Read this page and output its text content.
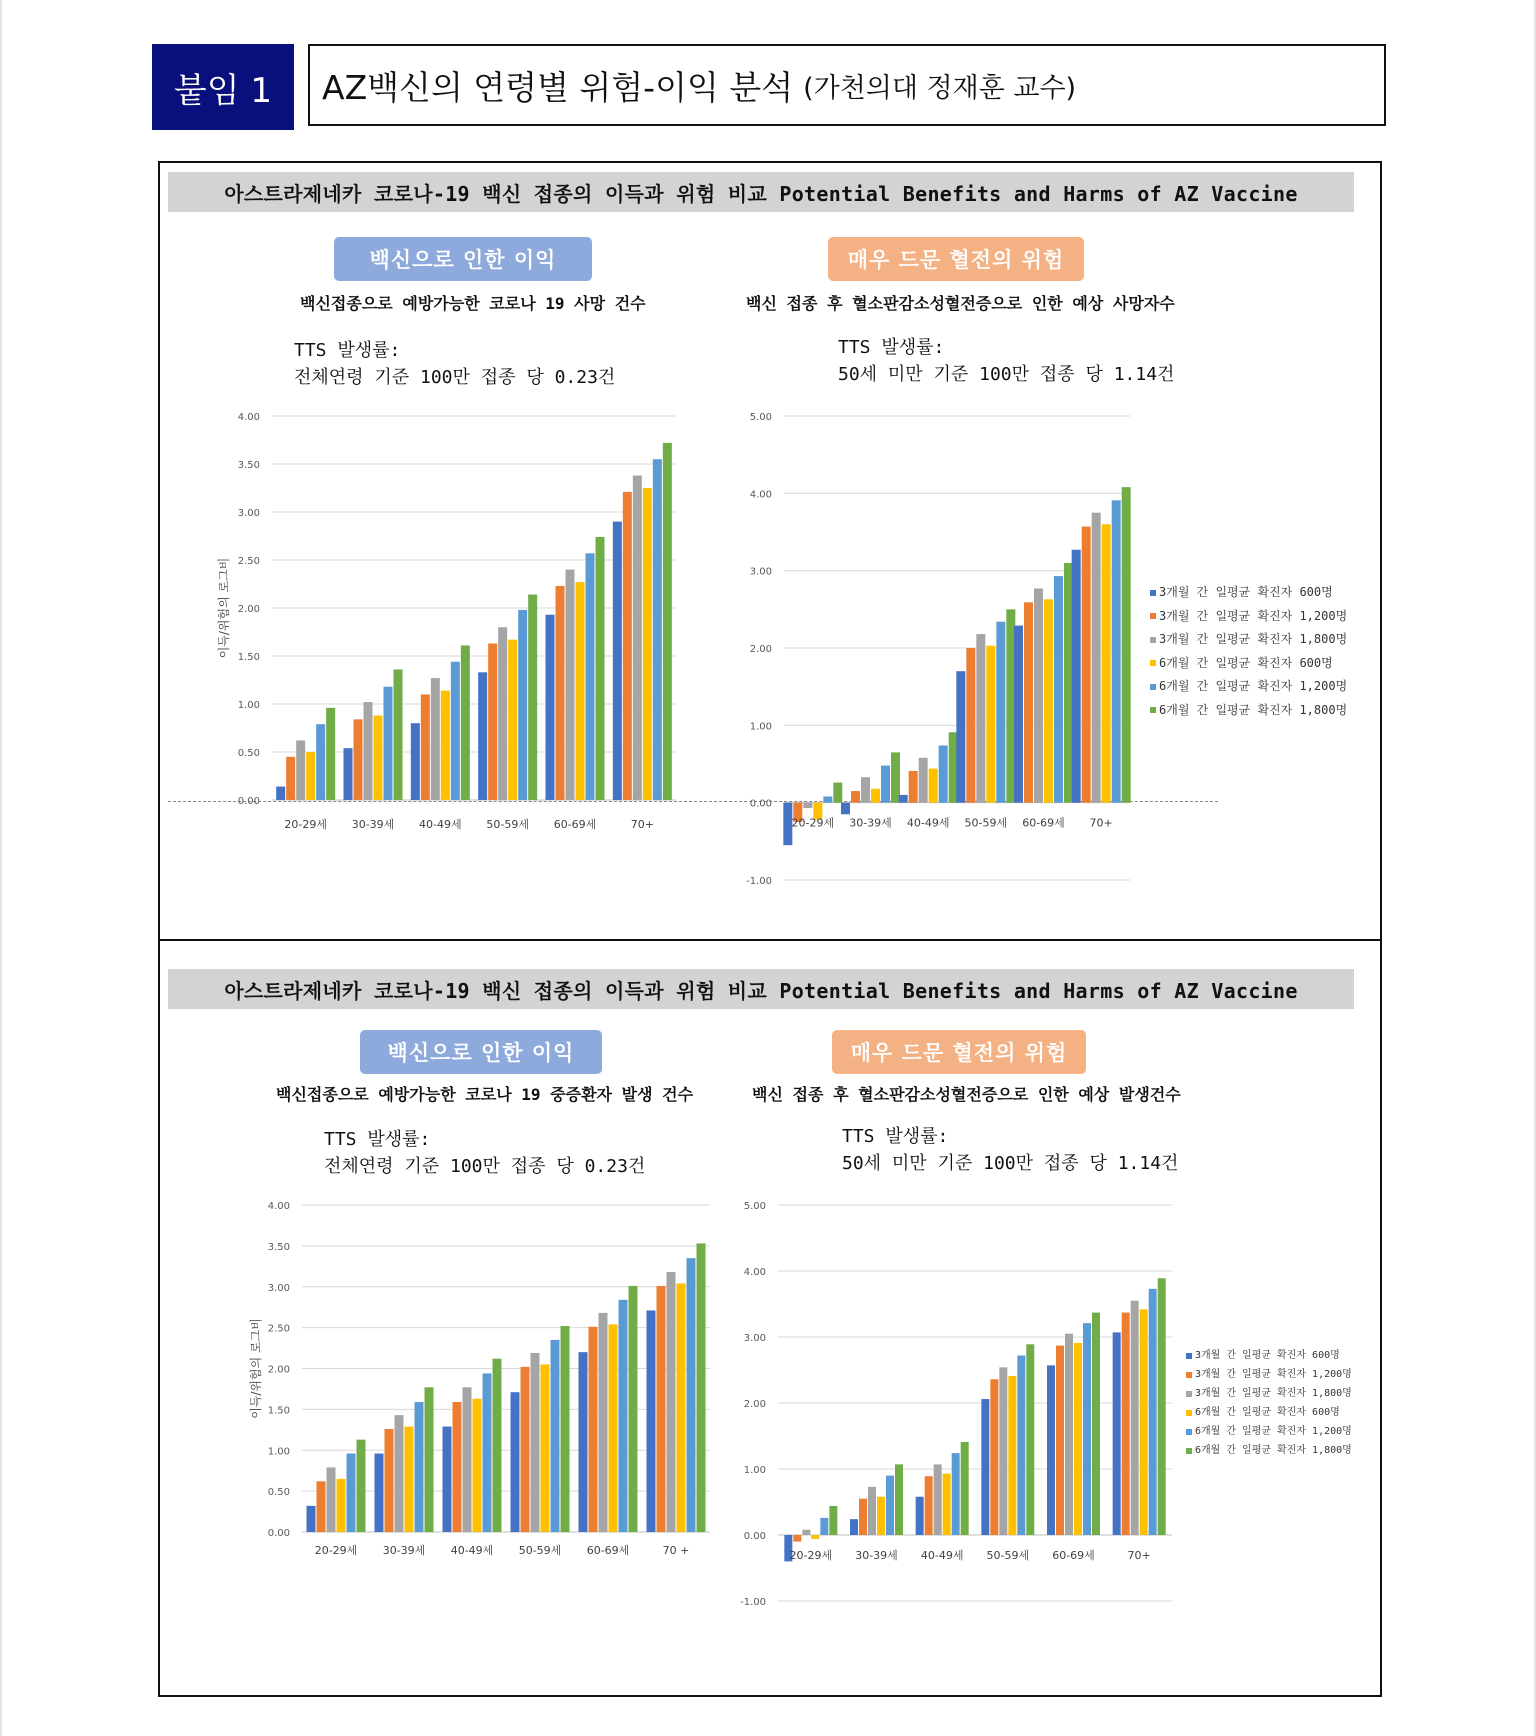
붙임 1	AZ백신의 연령별 위험-이익 분석 (가천의대 정재훈 교수)
아스트라제네카 코로나-19 백신 접종의 이득과 위험 비교 Potential Benefits and Harms of AZ Vaccine
백신으로 인한 이익	매우 드문 혈전의 위험
백신접종으로 예방가능한 코로나 19 사망 건수	백신 접종 후 혈소판감소성혈전증으로 인한 예상 사망자수
TTS 발생률:
전체연령 기준 100만 접종 당 0.23건
TTS 발생률:
50세 미만 기준 100만 접종 당 1.14건
3개월 간 일평균 확진자 600명
3개월 간 일평균 확진자 1,200명
3개월 간 일평균 확진자 1,800명
6개월 간 일평균 확진자 600명
6개월 간 일평균 확진자 1,200명
6개월 간 일평균 확진자 1,800명
아스트라제네카 코로나-19 백신 접종의 이득과 위험 비교 Potential Benefits and Harms of AZ Vaccine
백신으로 인한 이익	매우 드문 혈전의 위험
백신접종으로 예방가능한 코로나 19 중증환자 발생 건수	백신 접종 후 혈소판감소성혈전증으로 인한 예상 발생건수
TTS 발생률:
전체연령 기준 100만 접종 당 0.23건
TTS 발생률:
50세 미만 기준 100만 접종 당 1.14건
3개월 간 일평균 확진자 600명
3개월 간 일평균 확진자 1,200명
3개월 간 일평균 확진자 1,800명
6개월 간 일평균 확진자 600명
6개월 간 일평균 확진자 1,200명
6개월 간 일평균 확진자 1,800명
0.00
0.50
1.00
1.50
2.00
2.50
3.00
3.50
4.00
이득/위험의 로그비
20-29세 30-39세 40-49세 50-59세 60-69세	70+
-1.00
0.00
1.00
2.00
3.00
4.00
5.00
20-29세 30-39세 40-49세 50-59세 60-69세 70+
0.00
0.50
1.00
1.50
2.00
2.50
3.00
3.50
4.00
이득/위험의 로그비
20-29세 30-39세 40-49세 50-59세 60-69세	70 +
-1.00
0.00
1.00
2.00
3.00
4.00
5.00
20-29세 30-39세 40-49세 50-59세 60-69세	70+
